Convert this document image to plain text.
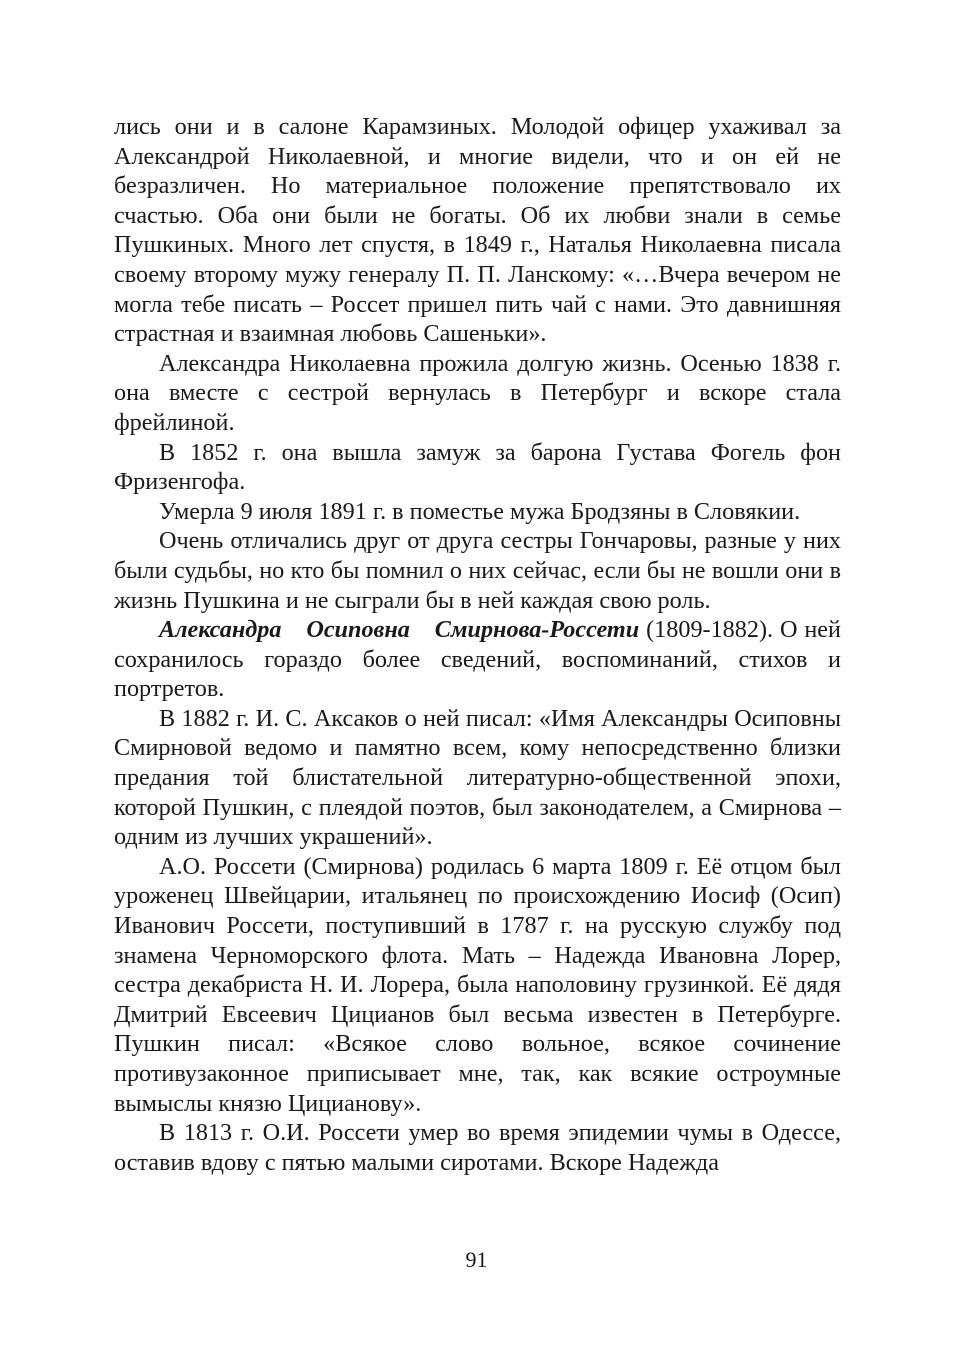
лись они и в салоне Карамзиных. Молодой офицер ухаживал за Александрой Николаевной, и многие видели, что и он ей не безразличен. Но материальное положение препятствовало их счастью. Оба они были не богаты. Об их любви знали в семье Пушкиных. Много лет спустя, в 1849 г., Наталья Николаевна писала своему второму мужу генералу П. П. Ланскому: «…Вчера вечером не могла тебе писать – Россет пришел пить чай с нами. Это давнишняя страстная и взаимная любовь Сашеньки».

Александра Николаевна прожила долгую жизнь. Осенью 1838 г. она вместе с сестрой вернулась в Петербург и вскоре стала фрейлиной.

В 1852 г. она вышла замуж за барона Густава Фогель фон Фризенгофа.

Умерла 9 июля 1891 г. в поместье мужа Бродзяны в Словякии.

Очень отличались друг от друга сестры Гончаровы, разные у них были судьбы, но кто бы помнил о них сейчас, если бы не вошли они в жизнь Пушкина и не сыграли бы в ней каждая свою роль.

Александра Осиповна Смирнова-Россети (1809-1882). О ней сохранилось гораздо более сведений, воспоминаний, стихов и портретов.

В 1882 г. И. С. Аксаков о ней писал: «Имя Александры Осиповны Смирновой ведомо и памятно всем, кому непосредственно близки предания той блистательной литературно-общественной эпохи, которой Пушкин, с плеядой поэтов, был законодателем, а Смирнова – одним из лучших украшений».

А.О. Россети (Смирнова) родилась 6 марта 1809 г. Её отцом был уроженец Швейцарии, итальянец по происхождению Иосиф (Осип) Иванович Россети, поступивший в 1787 г. на русскую службу под знамена Черноморского флота. Мать – Надежда Ивановна Лорер, сестра декабриста Н. И. Лорера, была наполовину грузинкой. Её дядя Дмитрий Евсеевич Цицианов был весьма известен в Петербурге. Пушкин писал: «Всякое слово вольное, всякое сочинение противузаконное приписывает мне, так, как всякие остроумные вымыслы князю Цицианову».

В 1813 г. О.И. Россети умер во время эпидемии чумы в Одессе, оставив вдову с пятью малыми сиротами. Вскоре Надежда

91
